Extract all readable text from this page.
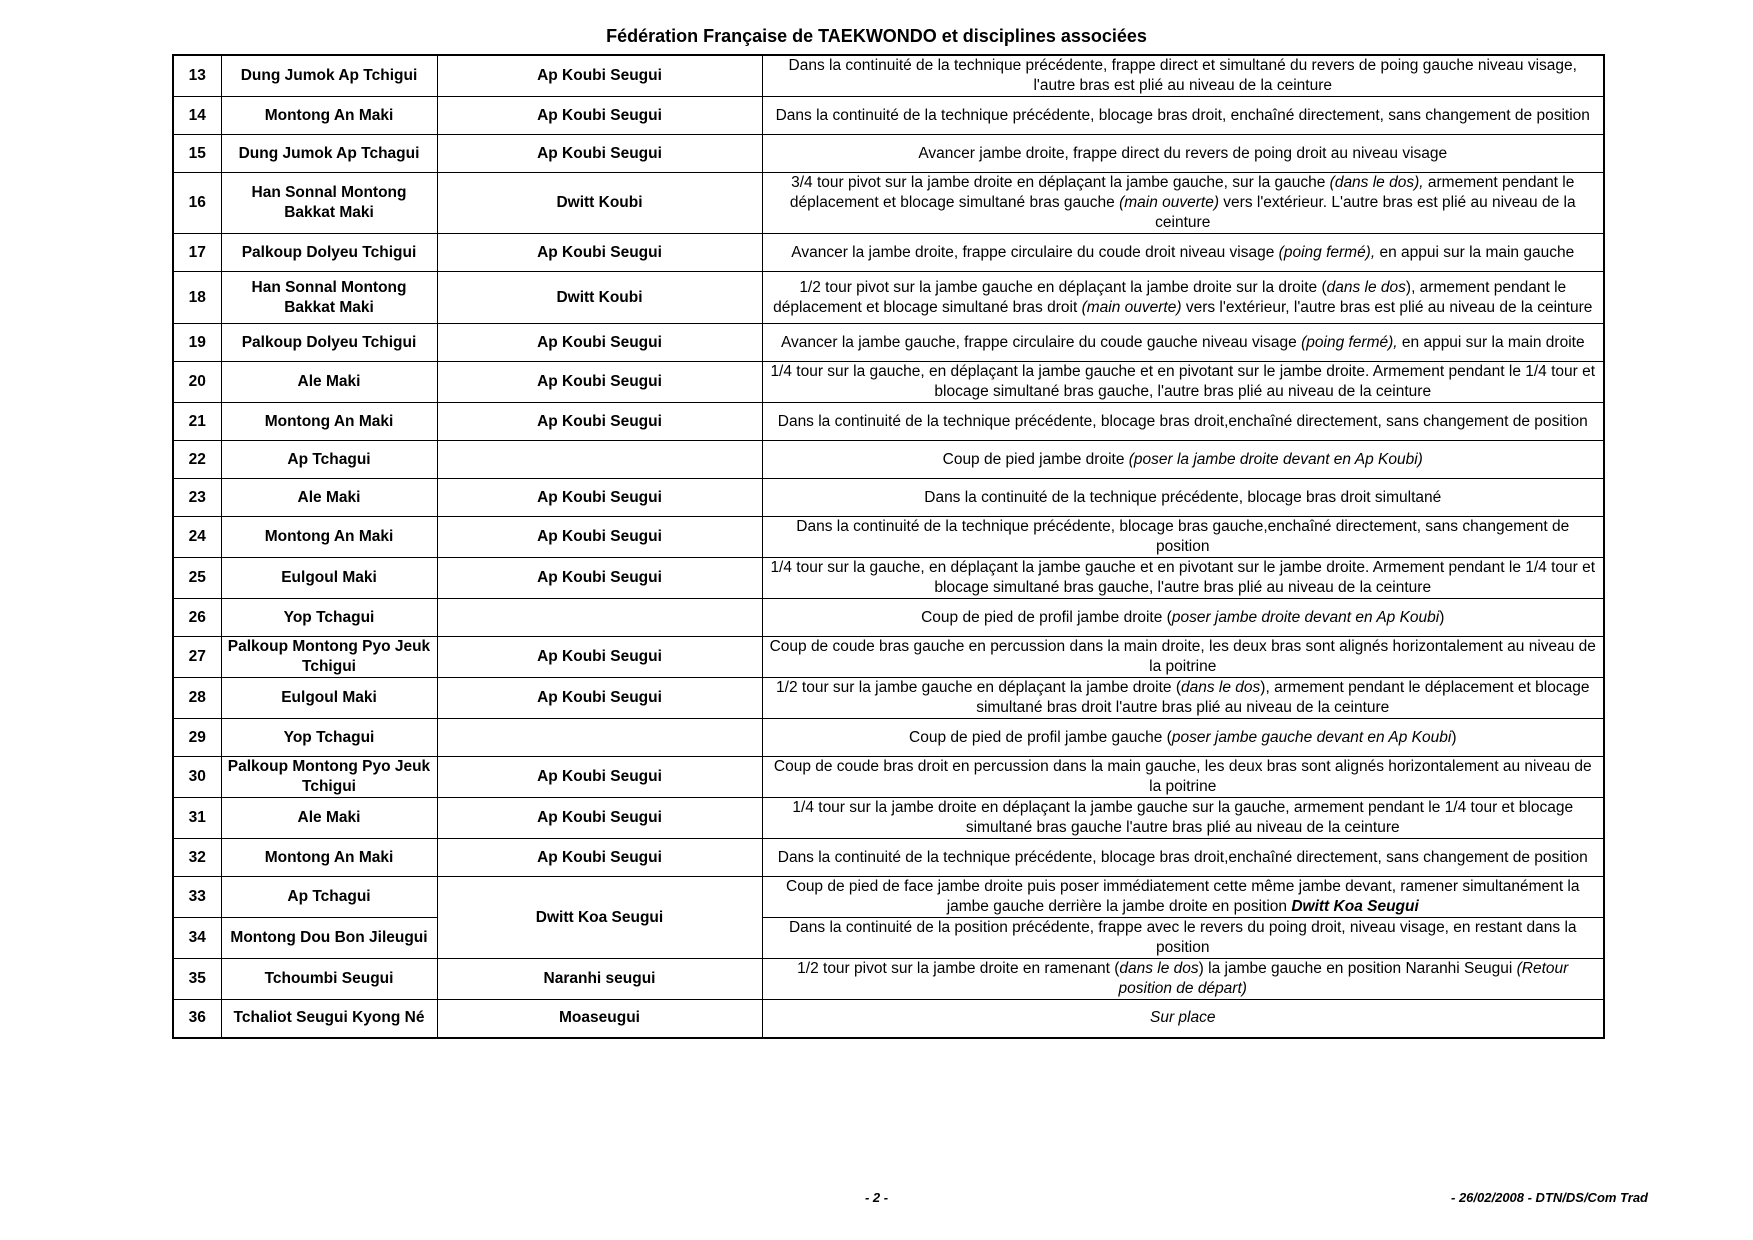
Fédération Française de TAEKWONDO et disciplines associées
13	Dung Jumok Ap Tchigui	Ap Koubi Seugui	Dans la continuité de la technique précédente, frappe direct et simultané du revers de poing gauche niveau visage, l'autre bras est plié au niveau de la ceinture
14	Montong An Maki	Ap Koubi Seugui	Dans la continuité de la technique précédente, blocage bras droit, enchaîné directement, sans changement de position
15	Dung Jumok Ap Tchagui	Ap Koubi Seugui	Avancer jambe droite, frappe direct du revers de poing droit au niveau visage
16	Han Sonnal Montong Bakkat Maki	Dwitt Koubi	3/4 tour pivot sur la jambe droite en déplaçant la jambe gauche, sur la gauche (dans le dos), armement pendant le déplacement et blocage simultané bras gauche (main ouverte) vers l'extérieur. L'autre bras est plié au niveau de la ceinture
17	Palkoup Dolyeu Tchigui	Ap Koubi Seugui	Avancer la jambe droite, frappe circulaire du coude droit niveau visage (poing fermé), en appui sur la main gauche
18	Han Sonnal Montong Bakkat Maki	Dwitt Koubi	1/2 tour pivot sur la jambe gauche en déplaçant la jambe droite sur la droite (dans le dos), armement pendant le déplacement et blocage simultané bras droit (main ouverte) vers l'extérieur, l'autre bras est plié au niveau de la ceinture
19	Palkoup Dolyeu Tchigui	Ap Koubi Seugui	Avancer la jambe gauche, frappe circulaire du coude gauche niveau visage (poing fermé), en appui sur la main droite
20	Ale Maki	Ap Koubi Seugui	1/4 tour sur la gauche, en déplaçant la jambe gauche et en pivotant sur le jambe droite. Armement pendant le 1/4 tour et blocage simultané bras gauche, l'autre bras plié au niveau de la ceinture
21	Montong An Maki	Ap Koubi Seugui	Dans la continuité de la technique précédente, blocage bras droit,enchaîné directement, sans changement de position
22	Ap Tchagui		Coup de pied jambe droite (poser la jambe droite devant en Ap Koubi)
23	Ale Maki	Ap Koubi Seugui	Dans la continuité de la technique précédente, blocage bras droit simultané
24	Montong An Maki	Ap Koubi Seugui	Dans la continuité de la technique précédente, blocage bras gauche,enchaîné directement, sans changement de position
25	Eulgoul Maki	Ap Koubi Seugui	1/4 tour sur la gauche, en déplaçant la jambe gauche et en pivotant sur le jambe droite. Armement pendant le 1/4 tour et blocage simultané bras gauche, l'autre bras plié au niveau de la ceinture
26	Yop Tchagui		Coup de pied de profil jambe droite (poser jambe droite devant en Ap Koubi)
27	Palkoup Montong Pyo Jeuk Tchigui	Ap Koubi Seugui	Coup de coude bras gauche en percussion dans la main droite, les deux bras sont alignés horizontalement au niveau de la poitrine
28	Eulgoul Maki	Ap Koubi Seugui	1/2 tour sur la jambe gauche en déplaçant la jambe droite (dans le dos), armement pendant le déplacement et blocage simultané bras droit l'autre bras plié au niveau de la ceinture
29	Yop Tchagui		Coup de pied de profil jambe gauche (poser jambe gauche devant en Ap Koubi)
30	Palkoup Montong Pyo Jeuk Tchigui	Ap Koubi Seugui	Coup de coude bras droit en percussion dans la main gauche, les deux bras sont alignés horizontalement au niveau de la poitrine
31	Ale Maki	Ap Koubi Seugui	1/4 tour sur la jambe droite en déplaçant la jambe gauche sur la gauche, armement pendant le 1/4 tour et blocage simultané bras gauche l'autre bras plié au niveau de la ceinture
32	Montong An Maki	Ap Koubi Seugui	Dans la continuité de la technique précédente, blocage bras droit,enchaîné directement, sans changement de position
33	Ap Tchagui	Dwitt Koa Seugui	Coup de pied de face jambe droite puis poser immédiatement cette même jambe devant, ramener simultanément la jambe gauche derrière la jambe droite en position Dwitt Koa Seugui
34	Montong Dou Bon Jileugui		Dans la continuité de la position précédente, frappe avec le revers du poing droit, niveau visage, en restant dans la position
35	Tchoumbi Seugui	Naranhi seugui	1/2 tour pivot sur la jambe droite en ramenant (dans le dos) la jambe gauche en position Naranhi Seugui (Retour position de départ)
36	Tchaliot Seugui Kyong Né	Moaseugui	Sur place
- 2 -	- 26/02/2008 - DTN/DS/Com Trad
